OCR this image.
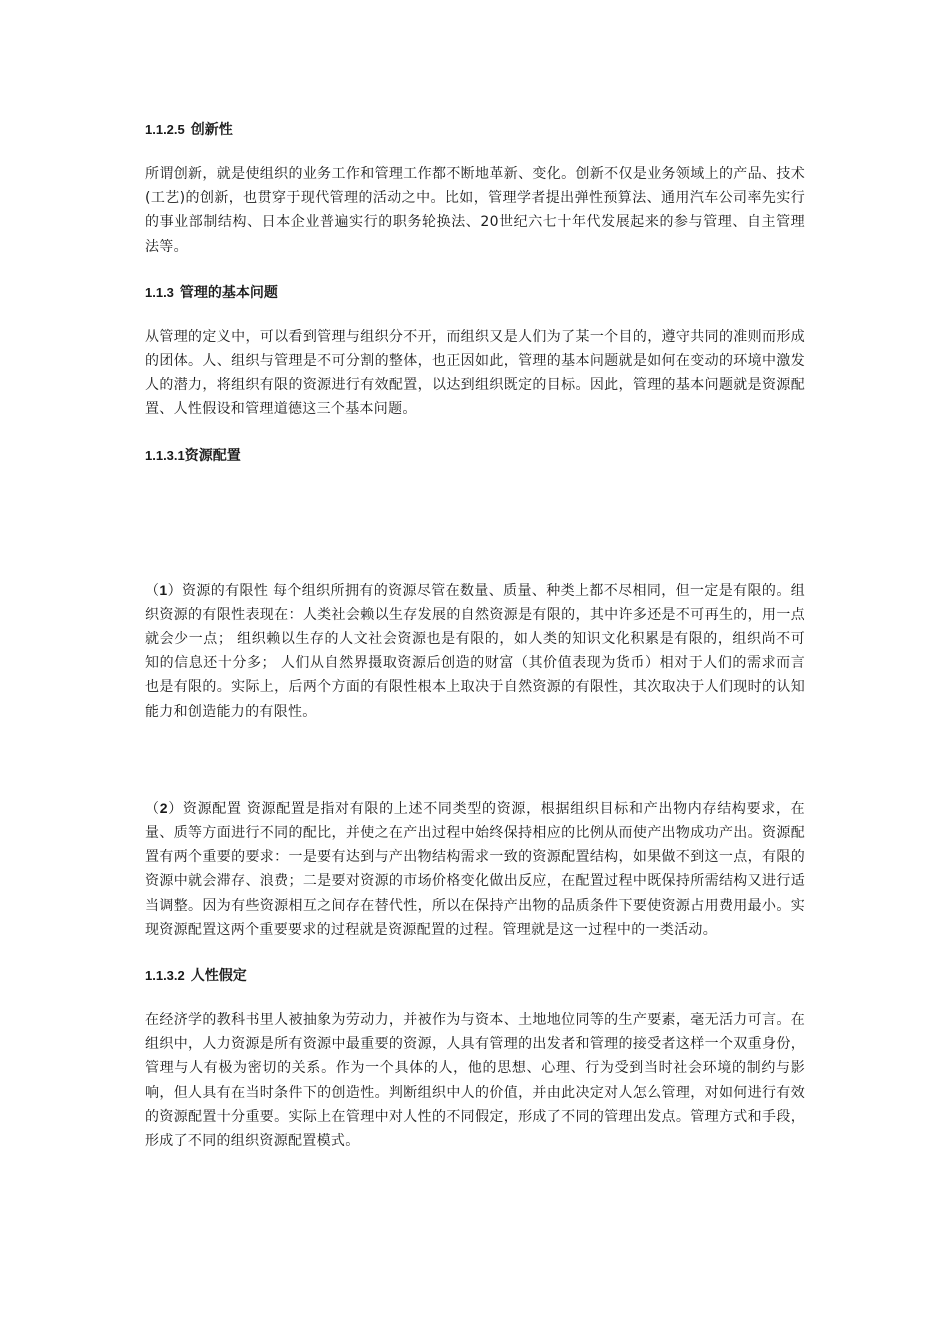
1.1.2.5 创新性

所谓创新，就是使组织的业务工作和管理工作都不断地革新、变化。创新不仅是业务领域上的产品、技术(工艺)的创新，也贯穿于现代管理的活动之中。比如，管理学者提出弹性预算法、通用汽车公司率先实行的事业部制结构、日本企业普遍实行的职务轮换法、20世纪六七十年代发展起来的参与管理、自主管理法等。

1.1.3 管理的基本问题

从管理的定义中，可以看到管理与组织分不开，而组织又是人们为了某一个目的，遵守共同的准则而形成的团体。人、组织与管理是不可分割的整体，也正因如此，管理的基本问题就是如何在变动的环境中激发人的潜力，将组织有限的资源进行有效配置，以达到组织既定的目标。因此，管理的基本问题就是资源配置、人性假设和管理道德这三个基本问题。

1.1.3.1资源配置

（1）资源的有限性 每个组织所拥有的资源尽管在数量、质量、种类上都不尽相同，但一定是有限的。组织资源的有限性表现在：人类社会赖以生存发展的自然资源是有限的，其中许多还是不可再生的，用一点就会少一点； 组织赖以生存的人文社会资源也是有限的，如人类的知识文化积累是有限的，组织尚不可知的信息还十分多； 人们从自然界摄取资源后创造的财富（其价值表现为货币）相对于人们的需求而言也是有限的。实际上，后两个方面的有限性根本上取决于自然资源的有限性，其次取决于人们现时的认知能力和创造能力的有限性。

（2）资源配置 资源配置是指对有限的上述不同类型的资源，根据组织目标和产出物内存结构要求，在量、质等方面进行不同的配比，并使之在产出过程中始终保持相应的比例从而使产出物成功产出。资源配置有两个重要的要求：一是要有达到与产出物结构需求一致的资源配置结构，如果做不到这一点，有限的资源中就会滞存、浪费；二是要对资源的市场价格变化做出反应，在配置过程中既保持所需结构又进行适当调整。因为有些资源相互之间存在替代性，所以在保持产出物的品质条件下要使资源占用费用最小。实现资源配置这两个重要要求的过程就是资源配置的过程。管理就是这一过程中的一类活动。

1.1.3.2 人性假定

在经济学的教科书里人被抽象为劳动力，并被作为与资本、土地地位同等的生产要素，毫无活力可言。在组织中，人力资源是所有资源中最重要的资源，人具有管理的出发者和管理的接受者这样一个双重身份，管理与人有极为密切的关系。作为一个具体的人，他的思想、心理、行为受到当时社会环境的制约与影响，但人具有在当时条件下的创造性。判断组织中人的价值，并由此决定对人怎么管理，对如何进行有效的资源配置十分重要。实际上在管理中对人性的不同假定，形成了不同的管理出发点。管理方式和手段，形成了不同的组织资源配置模式。
